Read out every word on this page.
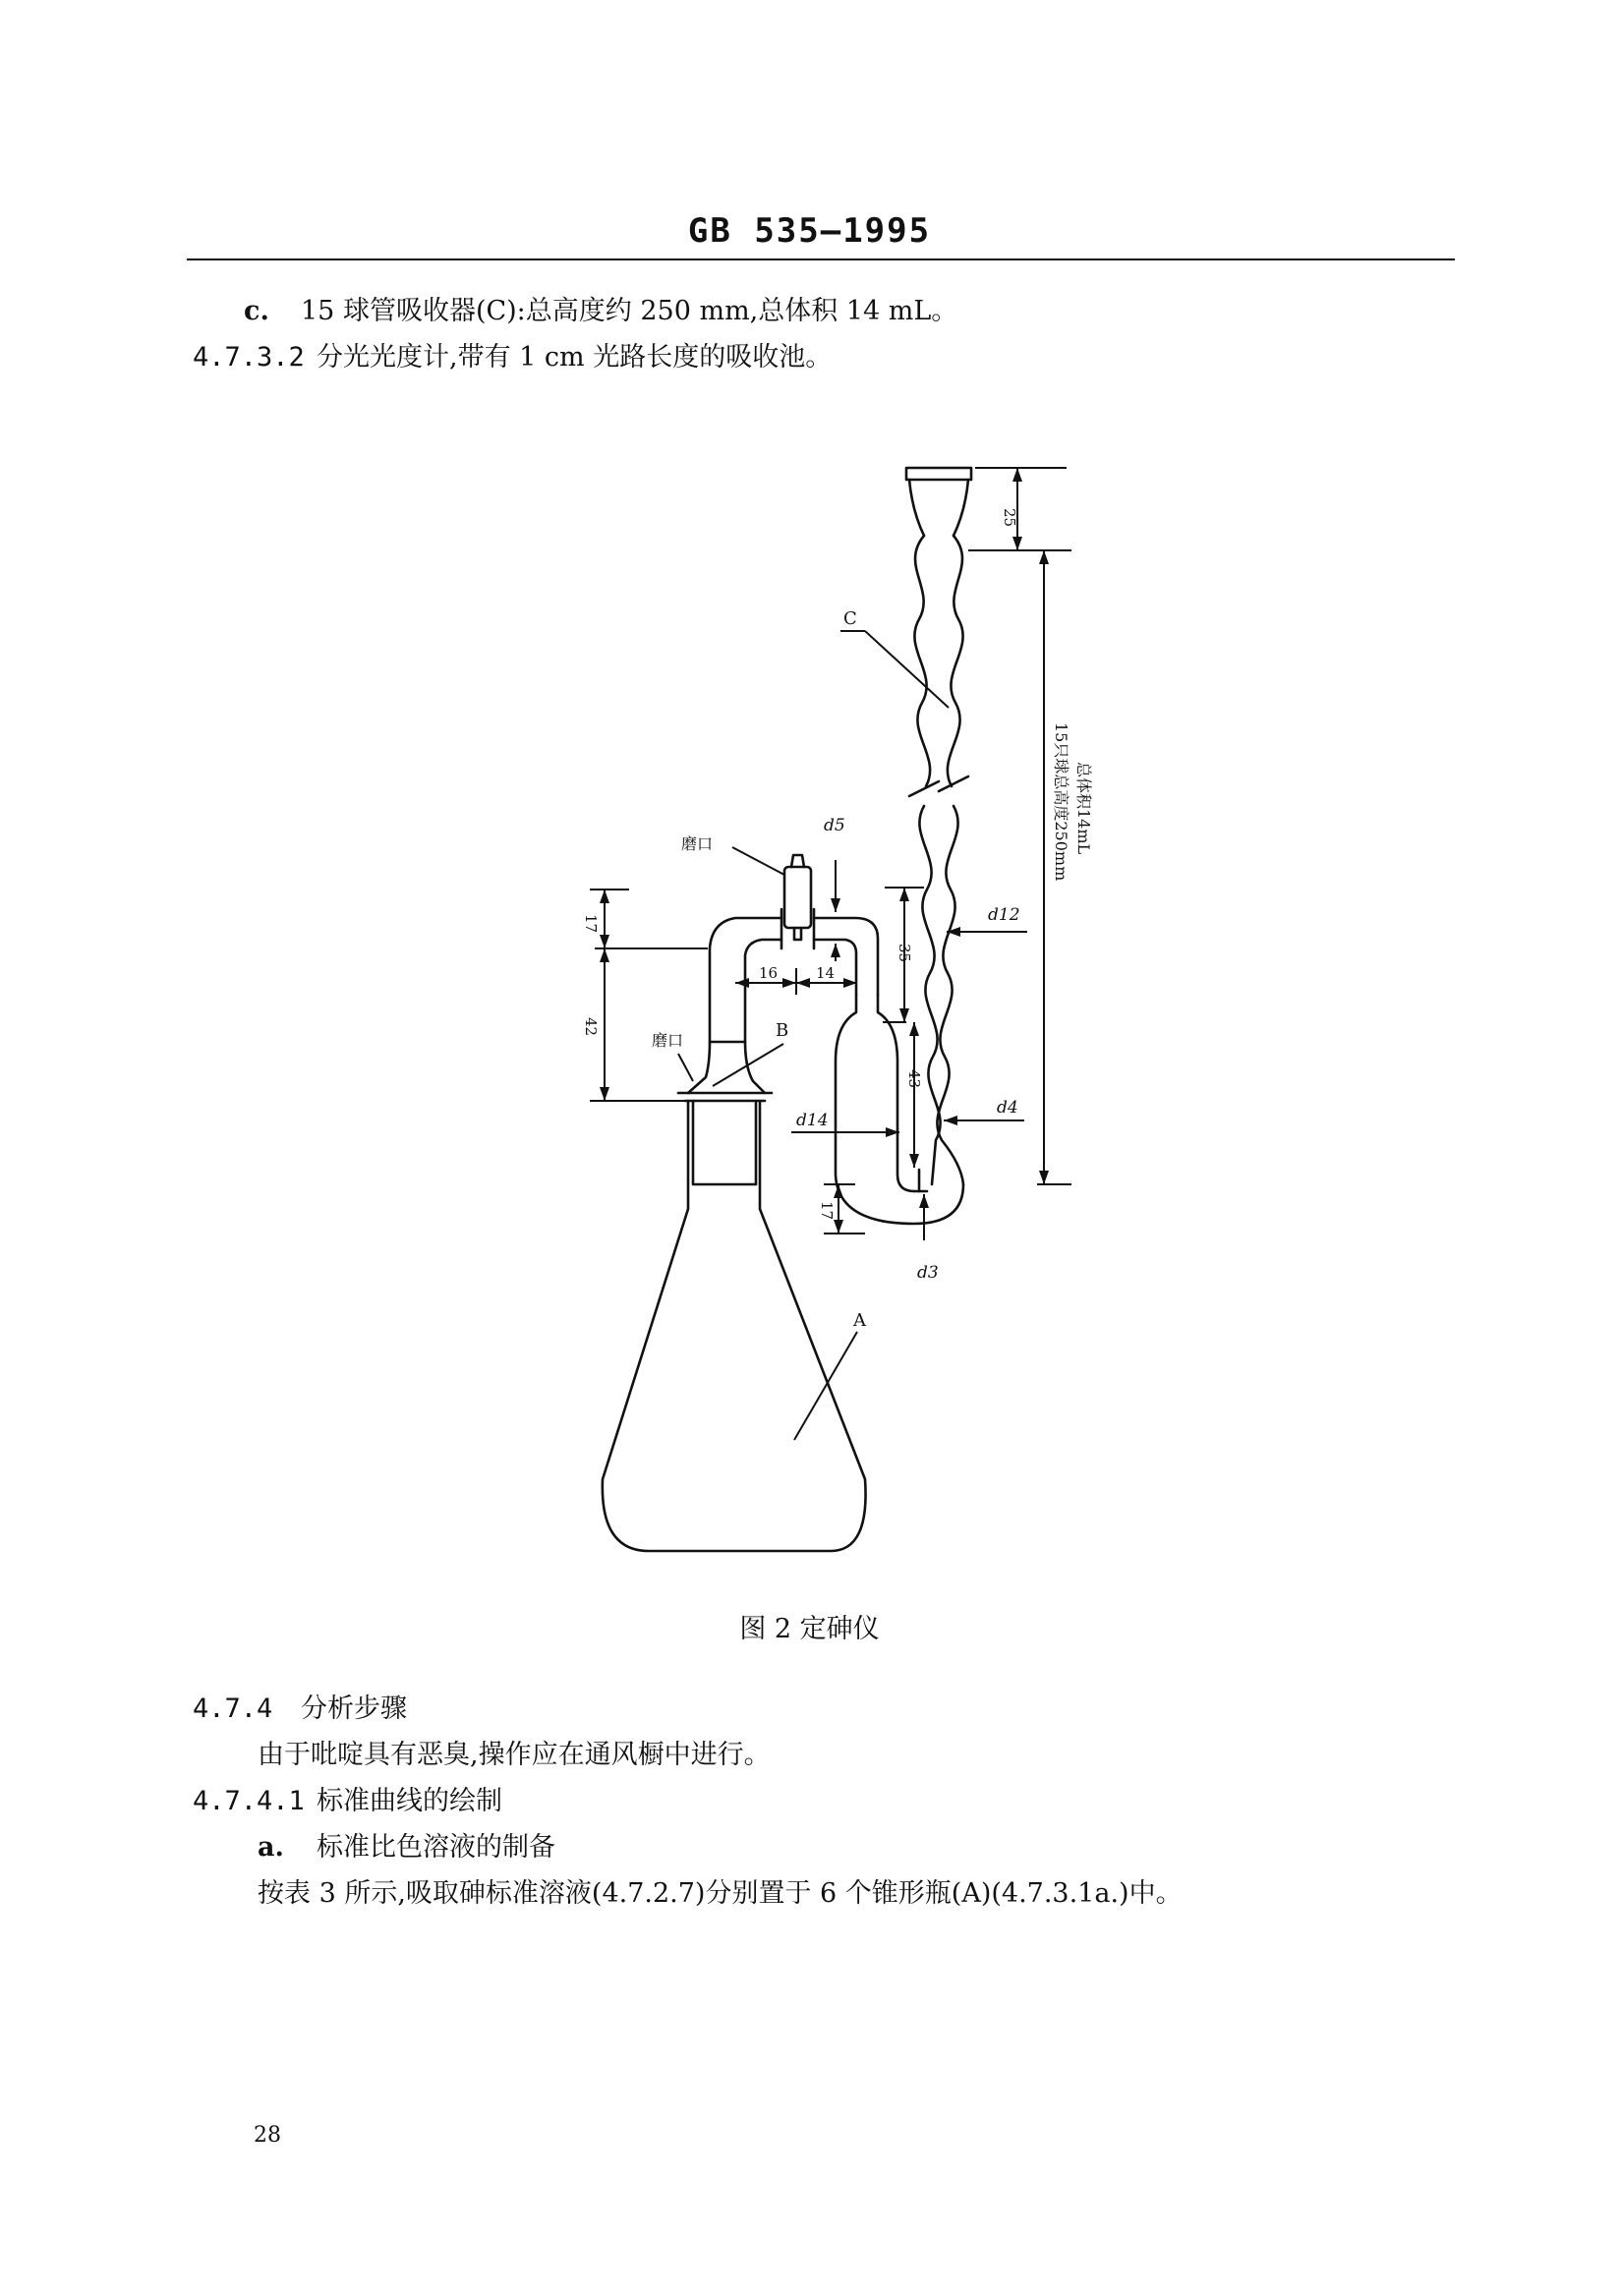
GB 535—1995
c. 15 球管吸收器(C):总高度约 250 mm,总体积 14 mL。
4.7.3.2 分光光度计,带有 1 cm 光路长度的吸收池。
C
A
B
磨口
磨口
d5
d12
d14
d4
d3
16	14
25
17
42
35
43
17
15只球总高度250mm 总体积14mL
图 2 定砷仪
4.7.4 分析步骤
由于吡啶具有恶臭,操作应在通风橱中进行。
4.7.4.1 标准曲线的绘制
a. 标准比色溶液的制备
按表 3 所示,吸取砷标准溶液(4.7.2.7)分别置于 6 个锥形瓶(A)(4.7.3.1a.)中。
28
